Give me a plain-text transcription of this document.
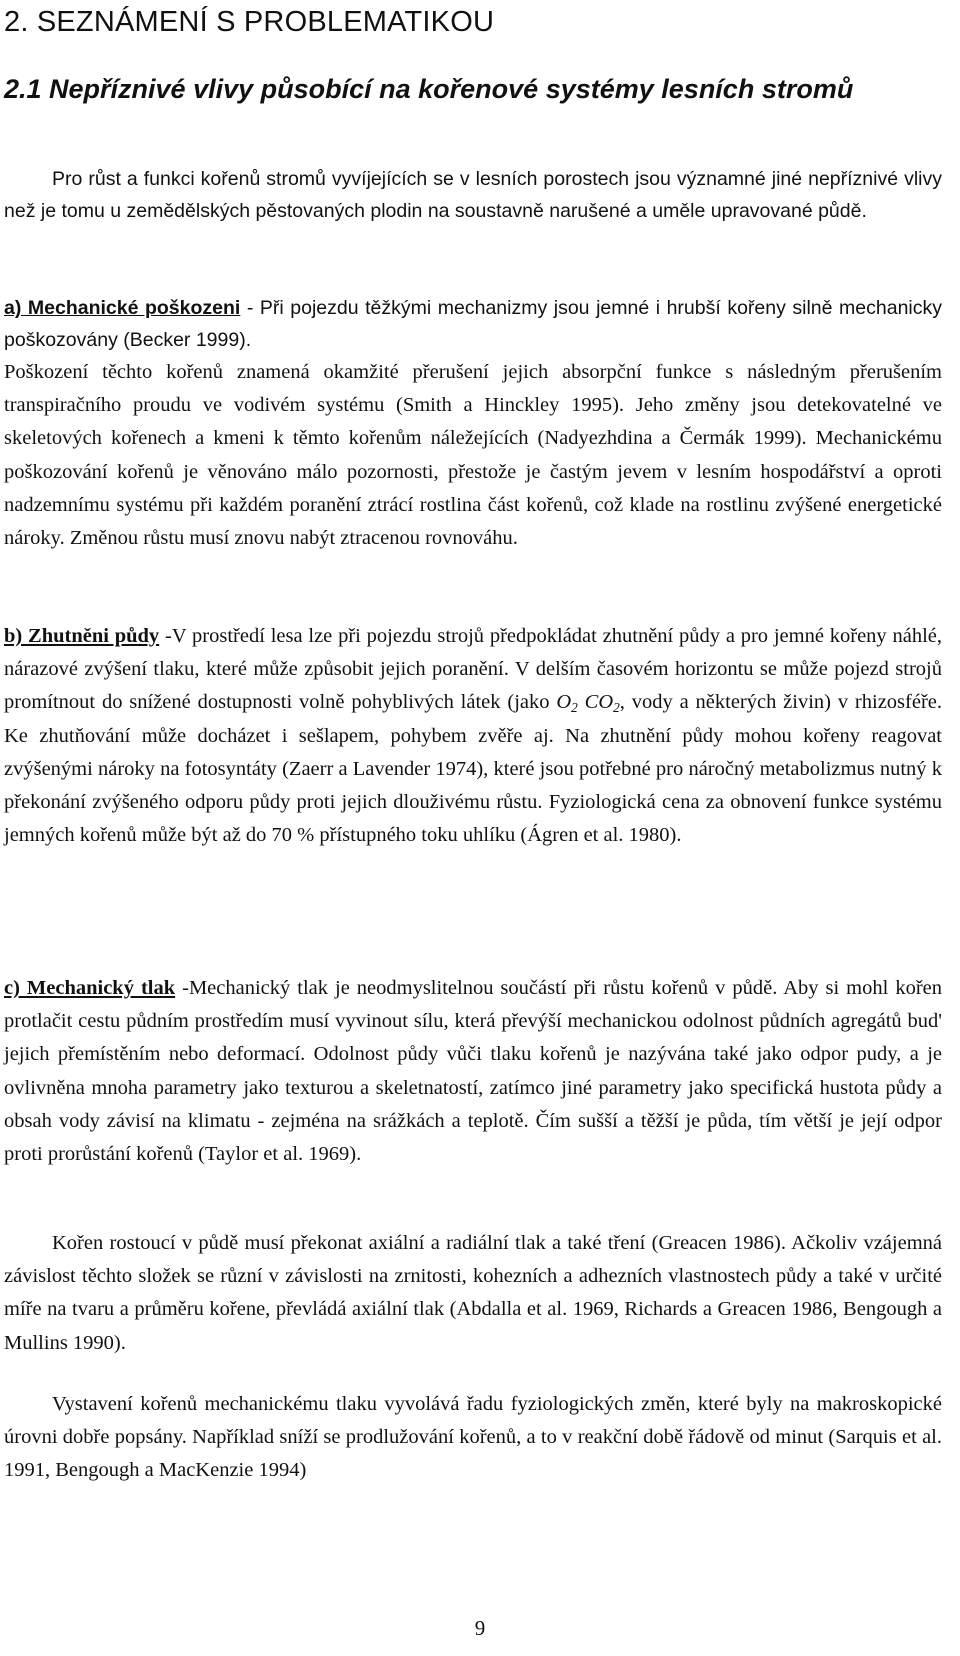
2. SEZNÁMENÍ S PROBLEMATIKOU
2.1 Nepříznivé vlivy působící na kořenové systémy lesních stromů

Pro růst a funkci kořenů stromů vyvíjejících se v lesních porostech jsou významné jiné nepříznivé vlivy než je tomu u zemědělských pěstovaných plodin na soustavně narušené a uměle upravované půdě.

a) Mechanické poškozeni - Při pojezdu těžkými mechanizmy jsou jemné i hrubší kořeny silně mechanicky poškozovány (Becker 1999).

Poškození těchto kořenů znamená okamžité přerušení jejich absorpční funkce s následným přerušením transpiračního proudu ve vodivém systému (Smith a Hinckley 1995). Jeho změny jsou detekovatelné ve skeletových kořenech a kmeni k těmto kořenům náležejících (Nadyezhdina a Čermák 1999). Mechanickému poškozování kořenů je věnováno málo pozornosti, přestože je častým jevem v lesním hospodářství a oproti nadzemnímu systému při každém poranění ztrácí rostlina část kořenů, což klade na rostlinu zvýšené energetické nároky. Změnou růstu musí znovu nabýt ztracenou rovnováhu.

b) Zhutněni půdy -V prostředí lesa lze při pojezdu strojů předpokládat zhutnění půdy a pro jemné kořeny náhlé, nárazové zvýšení tlaku, které může způsobit jejich poranění. V delším časovém horizontu se může pojezd strojů promítnout do snížené dostupnosti volně pohyblivých látek (jako $O_2$ $CO_2$, vody a některých živin) v rhizosféře. Ke zhutňování může docházet i sešlapem, pohybem zvěře aj. Na zhutnění půdy mohou kořeny reagovat zvýšenými nároky na fotosyntáty (Zaerr a Lavender 1974), které jsou potřebné pro náročný metabolizmus nutný k překonání zvýšeného odporu půdy proti jejich dlouživému růstu. Fyziologická cena za obnovení funkce systému jemných kořenů může být až do 70 % přístupného toku uhlíku (Ágren et al. 1980).

c) Mechanický tlak -Mechanický tlak je neodmyslitelnou součástí při růstu kořenů v půdě. Aby si mohl kořen protlačit cestu půdním prostředím musí vyvinout sílu, která převýší mechanickou odolnost půdních agregátů bud' jejich přemístěním nebo deformací. Odolnost půdy vůči tlaku kořenů je nazývána také jako odpor pudy, a je ovlivněna mnoha parametry jako texturou a skeletnatostí, zatímco jiné parametry jako specifická hustota půdy a obsah vody závisí na klimatu - zejména na srážkách a teplotě. Čím sušší a těžší je půda, tím větší je její odpor proti prorůstání kořenů (Taylor et al. 1969).

Kořen rostoucí v půdě musí překonat axiální a radiální tlak a také tření (Greacen 1986). Ačkoliv vzájemná závislost těchto složek se různí v závislosti na zrnitosti, kohezních a adhezních vlastnostech půdy a také v určité míře na tvaru a průměru kořene, převládá axiální tlak (Abdalla et al. 1969, Richards a Greacen 1986, Bengough a Mullins 1990).

Vystavení kořenů mechanickému tlaku vyvolává řadu fyziologických změn, které byly na makroskopické úrovni dobře popsány. Například sníží se prodlužování kořenů, a to v reakční době řádově od minut (Sarquis et al. 1991, Bengough a MacKenzie 1994)

9
